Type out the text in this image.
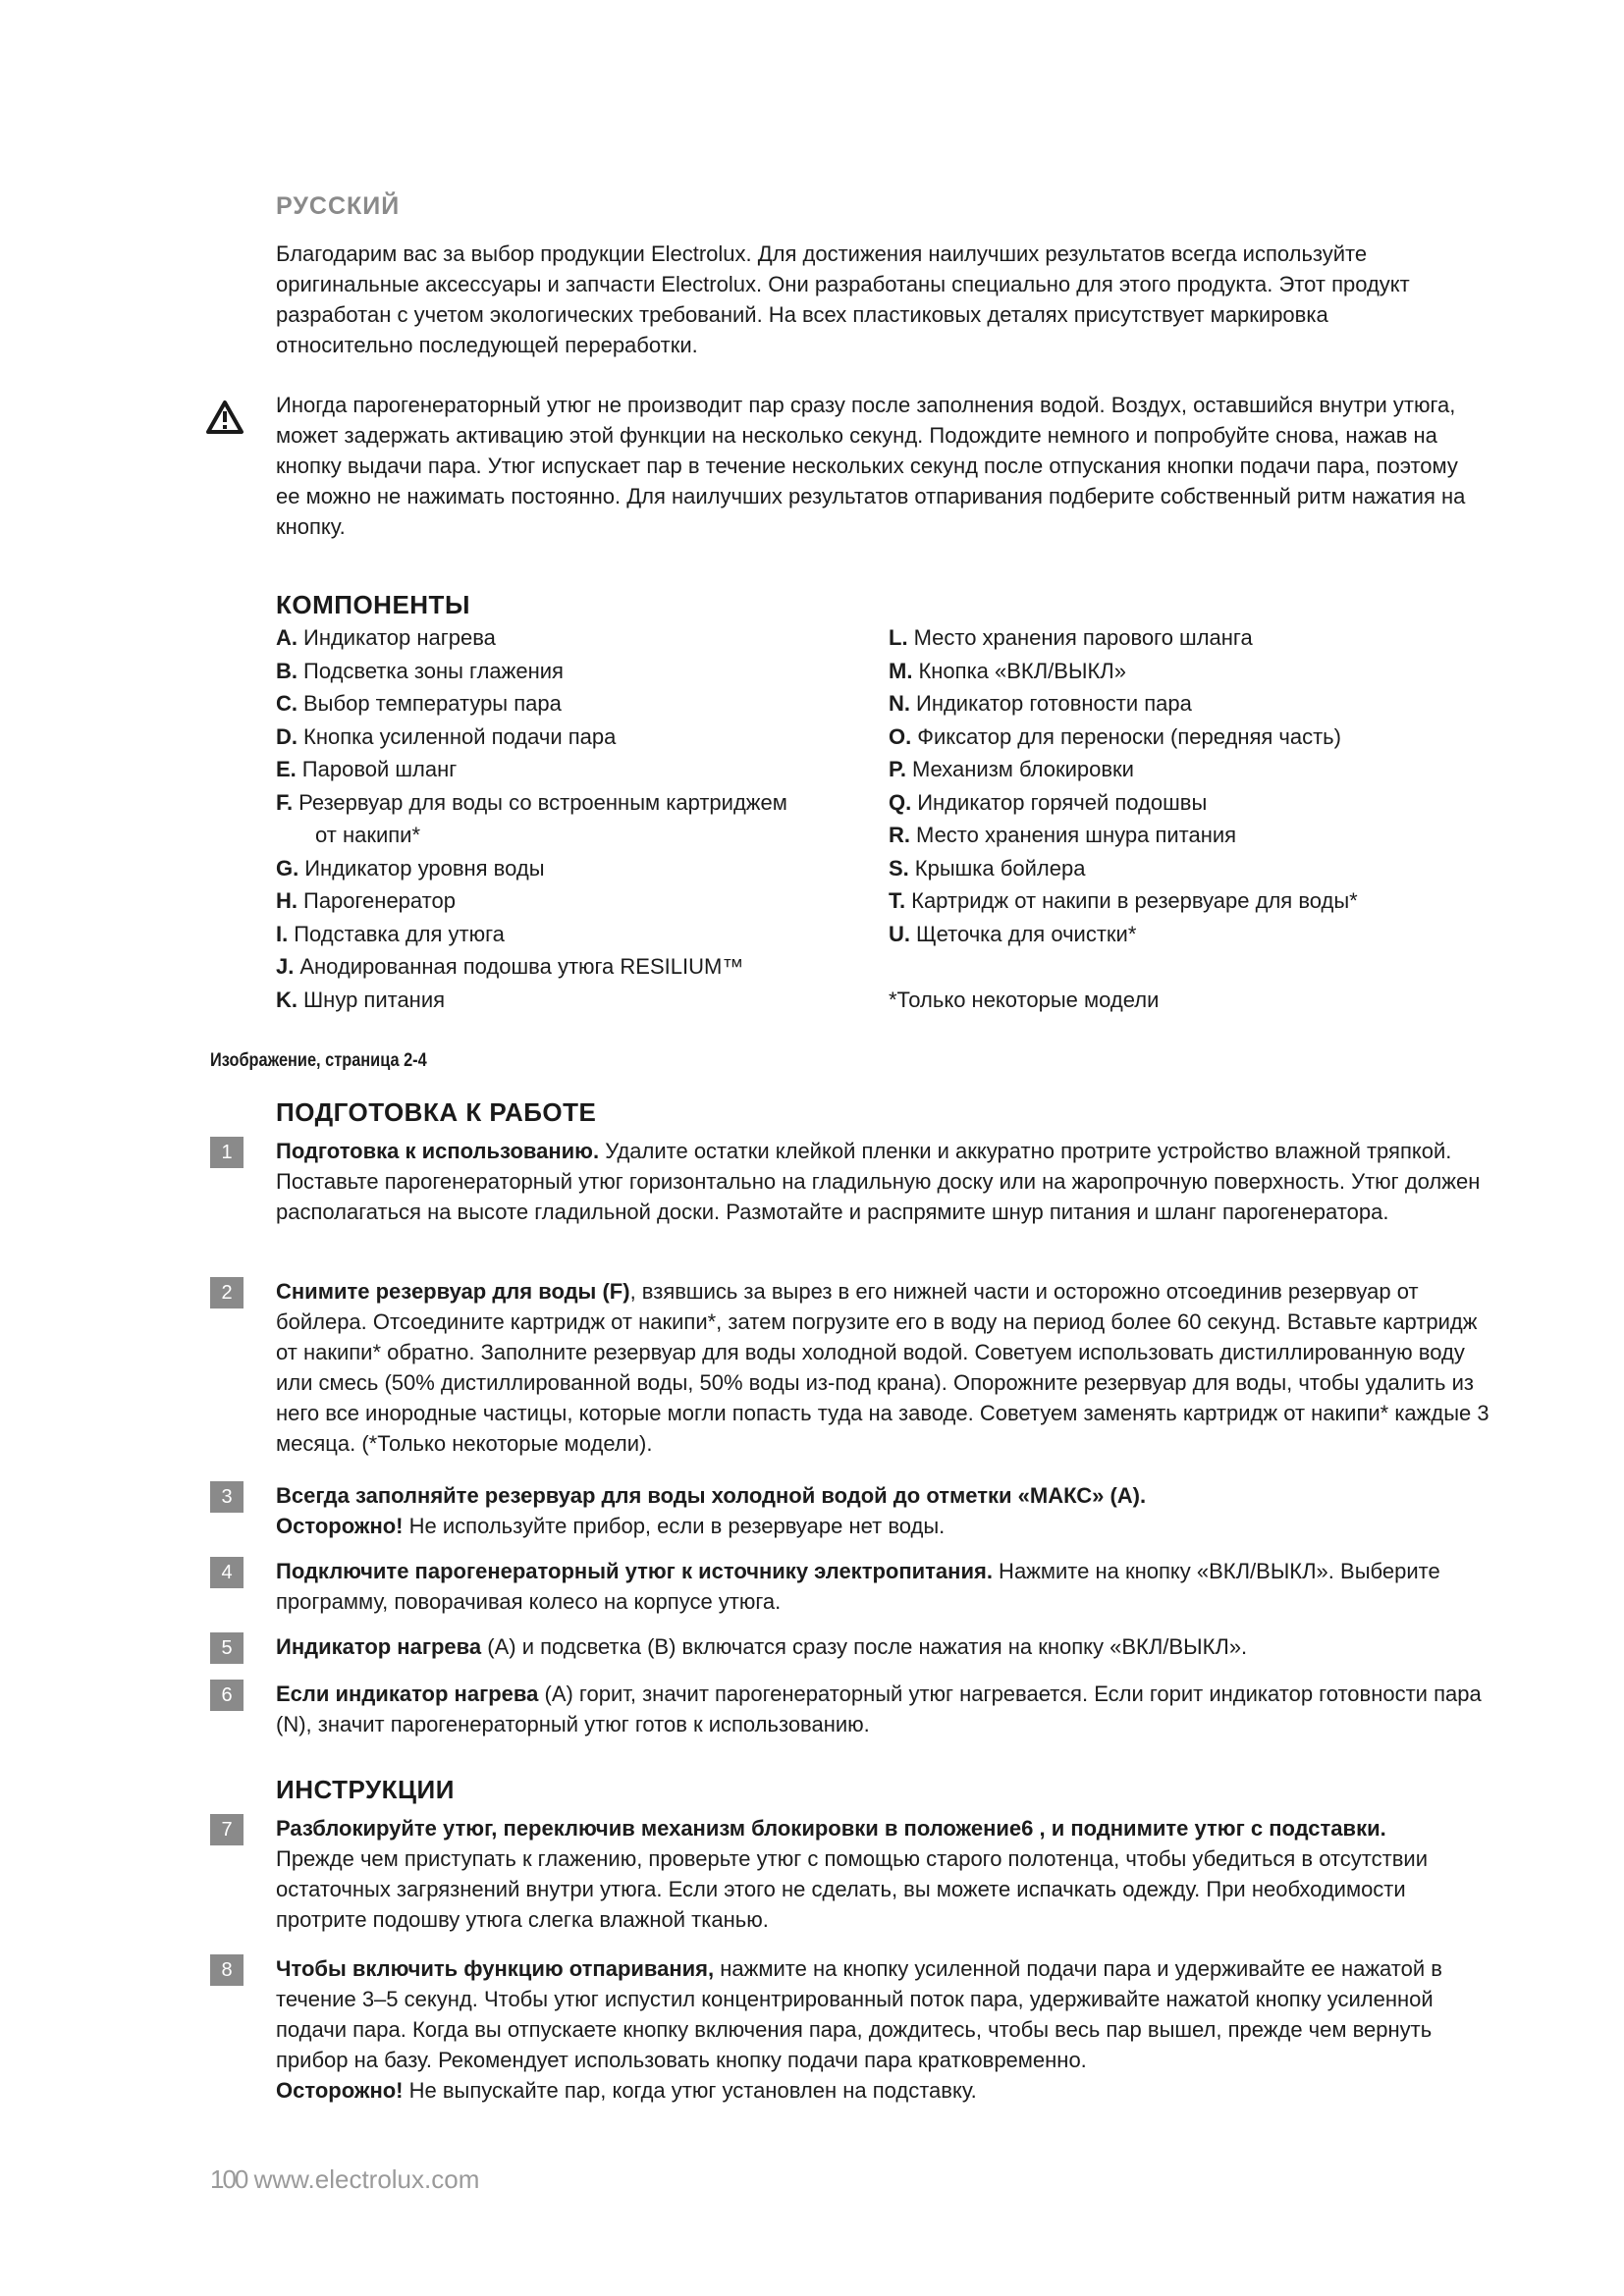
РУССКИЙ
Благодарим вас за выбор продукции Electrolux. Для достижения наилучших результатов всегда используйте оригинальные аксессуары и запчасти Electrolux. Они разработаны специально для этого продукта. Этот продукт разработан с учетом экологических требований. На всех пластиковых деталях присутствует маркировка относительно последующей переработки.
Иногда парогенераторный утюг не производит пар сразу после заполнения водой. Воздух, оставшийся внутри утюга, может задержать активацию этой функции на несколько секунд. Подождите немного и попробуйте снова, нажав на кнопку выдачи пара. Утюг испускает пар в течение нескольких секунд после отпускания кнопки подачи пара, поэтому ее можно не нажимать постоянно. Для наилучших результатов отпаривания подберите собственный ритм нажатия на кнопку.
КОМПОНЕНТЫ
A. Индикатор нагрева
B. Подсветка зоны глажения
C. Выбор температуры пара
D. Кнопка усиленной подачи пара
E. Паровой шланг
F. Резервуар для воды со встроенным картриджем
от накипи*
G. Индикатор уровня воды
H. Парогенератор
I. Подставка для утюга
J. Анодированная подошва утюга RESILIUM™
K. Шнур питания
L. Место хранения парового шланга
M. Кнопка «ВКЛ/ВЫКЛ»
N. Индикатор готовности пара
O. Фиксатор для переноски (передняя часть)
P. Механизм блокировки
Q. Индикатор горячей подошвы
R. Место хранения шнура питания
S. Крышка бойлера
T. Картридж от накипи в резервуаре для воды*
U. Щеточка для очистки*
*Только некоторые модели
Изображение, страница 2-4
ПОДГОТОВКА К РАБОТЕ
1	Подготовка к использованию. Удалите остатки клейкой пленки и аккуратно протрите устройство влажной тряпкой. Поставьте парогенераторный утюг горизонтально на гладильную доску или на жаропрочную поверхность. Утюг должен располагаться на высоте гладильной доски. Размотайте и распрямите шнур питания и шланг парогенератора.
2	Снимите резервуар для воды (F), взявшись за вырез в его нижней части и осторожно отсоединив резервуар от бойлера. Отсоедините картридж от накипи*, затем погрузите его в воду на период более 60 секунд. Вставьте картридж от накипи* обратно. Заполните резервуар для воды холодной водой. Советуем использовать дистиллированную воду или смесь (50% дистиллированной воды, 50% воды из-под крана). Опорожните резервуар для воды, чтобы удалить из него все инородные частицы, которые могли попасть туда на заводе. Советуем заменять картридж от накипи* каждые 3 месяца. (*Только некоторые модели).
3	Всегда заполняйте резервуар для воды холодной водой до отметки «МАКС» (A).
Осторожно! Не используйте прибор, если в резервуаре нет воды.
4	Подключите парогенераторный утюг к источнику электропитания. Нажмите на кнопку «ВКЛ/ВЫКЛ». Выберите программу, поворачивая колесо на корпусе утюга.
5	Индикатор нагрева (A) и подсветка (B) включатся сразу после нажатия на кнопку «ВКЛ/ВЫКЛ».
6	Если индикатор нагрева (A) горит, значит парогенераторный утюг нагревается. Если горит индикатор готовности пара (N), значит парогенераторный утюг готов к использованию.
ИНСТРУКЦИИ
7	Разблокируйте утюг, переключив механизм блокировки в положение6 , и поднимите утюг с подставки.
Прежде чем приступать к глажению, проверьте утюг с помощью старого полотенца, чтобы убедиться в отсутствии остаточных загрязнений внутри утюга. Если этого не сделать, вы можете испачкать одежду. При необходимости протрите подошву утюга слегка влажной тканью.
8	Чтобы включить функцию отпаривания, нажмите на кнопку усиленной подачи пара и удерживайте ее нажатой в течение 3–5 секунд. Чтобы утюг испустил концентрированный поток пара, удерживайте нажатой кнопку усиленной подачи пара. Когда вы отпускаете кнопку включения пара, дождитесь, чтобы весь пар вышел, прежде чем вернуть прибор на базу. Рекомендует использовать кнопку подачи пара кратковременно.
Осторожно! Не выпускайте пар, когда утюг установлен на подставку.
100 www.electrolux.com
